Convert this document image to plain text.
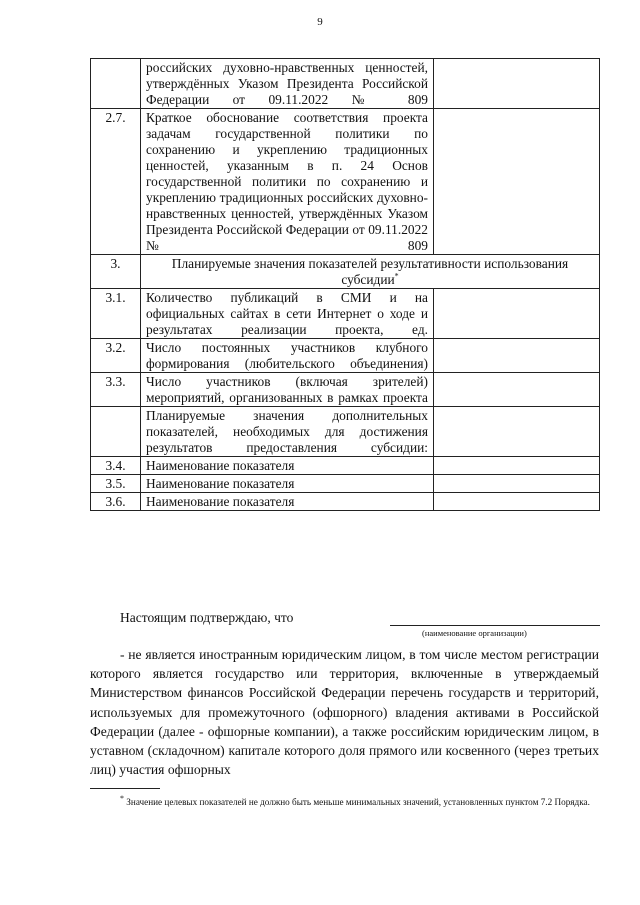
9
	российских духовно-нравственных ценностей, утверждённых Указом Президента Российской Федерации от 09.11.2022 № 809	
2.7.	Краткое обоснование соответствия проекта задачам государственной политики по сохранению и укреплению традиционных ценностей, указанным в п. 24 Основ государственной политики по сохранению и укреплению традиционных российских духовно-нравственных ценностей, утверждённых Указом Президента Российской Федерации от 09.11.2022 № 809	
3.	Планируемые значения показателей результативности использования субсидии*
3.1.	Количество публикаций в СМИ и на официальных сайтах в сети Интернет о ходе и результатах реализации проекта, ед.	
3.2.	Число постоянных участников клубного формирования (любительского объединения)	
3.3.	Число участников (включая зрителей) мероприятий, организованных в рамках проекта	
	Планируемые значения дополнительных показателей, необходимых для достижения результатов предоставления субсидии:	
3.4.	Наименование показателя	
3.5.	Наименование показателя	
3.6.	Наименование показателя	
Настоящим подтверждаю, что
(наименование организации)
- не является иностранным юридическим лицом, в том числе местом регистрации которого является государство или территория, включенные в утверждаемый Министерством финансов Российской Федерации перечень государств и территорий, используемых для промежуточного (офшорного) владения активами в Российской Федерации (далее - офшорные компании), а также российским юридическим лицом, в уставном (складочном) капитале которого доля прямого или косвенного (через третьих лиц) участия офшорных
* Значение целевых показателей не должно быть меньше минимальных значений, установленных пунктом 7.2 Порядка.
